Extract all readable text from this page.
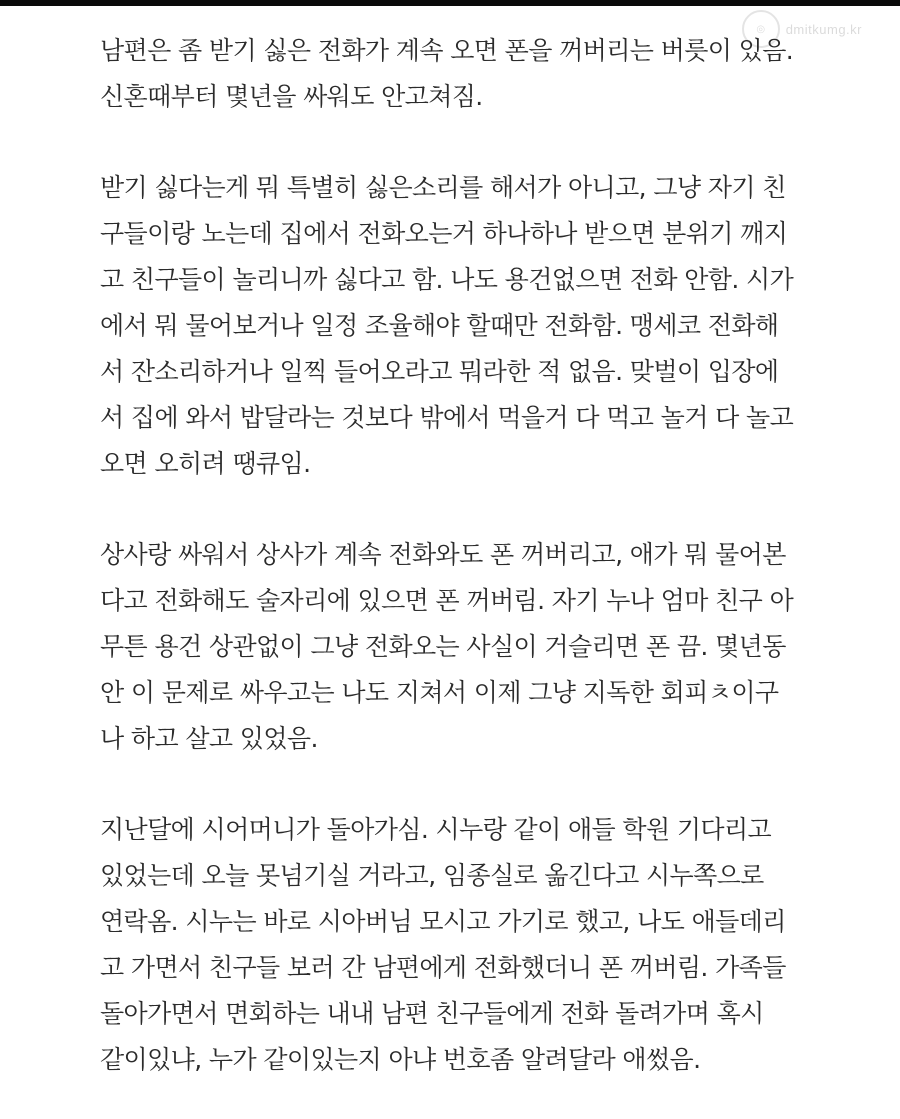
◎	dmitkumg.kr

남편은 좀 받기 싫은 전화가 계속 오면 폰을 꺼버리는 버릇이 있음.
신혼때부터 몇년을 싸워도 안고쳐짐.

받기 싫다는게 뭐 특별히 싫은소리를 해서가 아니고, 그냥 자기 친
구들이랑 노는데 집에서 전화오는거 하나하나 받으면 분위기 깨지
고 친구들이 놀리니까 싫다고 함. 나도 용건없으면 전화 안함. 시가
에서 뭐 물어보거나 일정 조율해야 할때만 전화함. 맹세코 전화해
서 잔소리하거나 일찍 들어오라고 뭐라한 적 없음. 맞벌이 입장에
서 집에 와서 밥달라는 것보다 밖에서 먹을거 다 먹고 놀거 다 놀고
오면 오히려 땡큐임.

상사랑 싸워서 상사가 계속 전화와도 폰 꺼버리고, 애가 뭐 물어본
다고 전화해도 술자리에 있으면 폰 꺼버림. 자기 누나 엄마 친구 아
무튼 용건 상관없이 그냥 전화오는 사실이 거슬리면 폰 끔. 몇년동
안 이 문제로 싸우고는 나도 지쳐서 이제 그냥 지독한 회피ㅊ이구
나 하고 살고 있었음.

지난달에 시어머니가 돌아가심. 시누랑 같이 애들 학원 기다리고
있었는데 오늘 못넘기실 거라고, 임종실로 옮긴다고 시누쪽으로
연락옴. 시누는 바로 시아버님 모시고 가기로 했고, 나도 애들데리
고 가면서 친구들 보러 간 남편에게 전화했더니 폰 꺼버림. 가족들
돌아가면서 면회하는 내내 남편 친구들에게 전화 돌려가며 혹시
같이있냐, 누가 같이있는지 아냐 번호좀 알려달라 애썼음.
